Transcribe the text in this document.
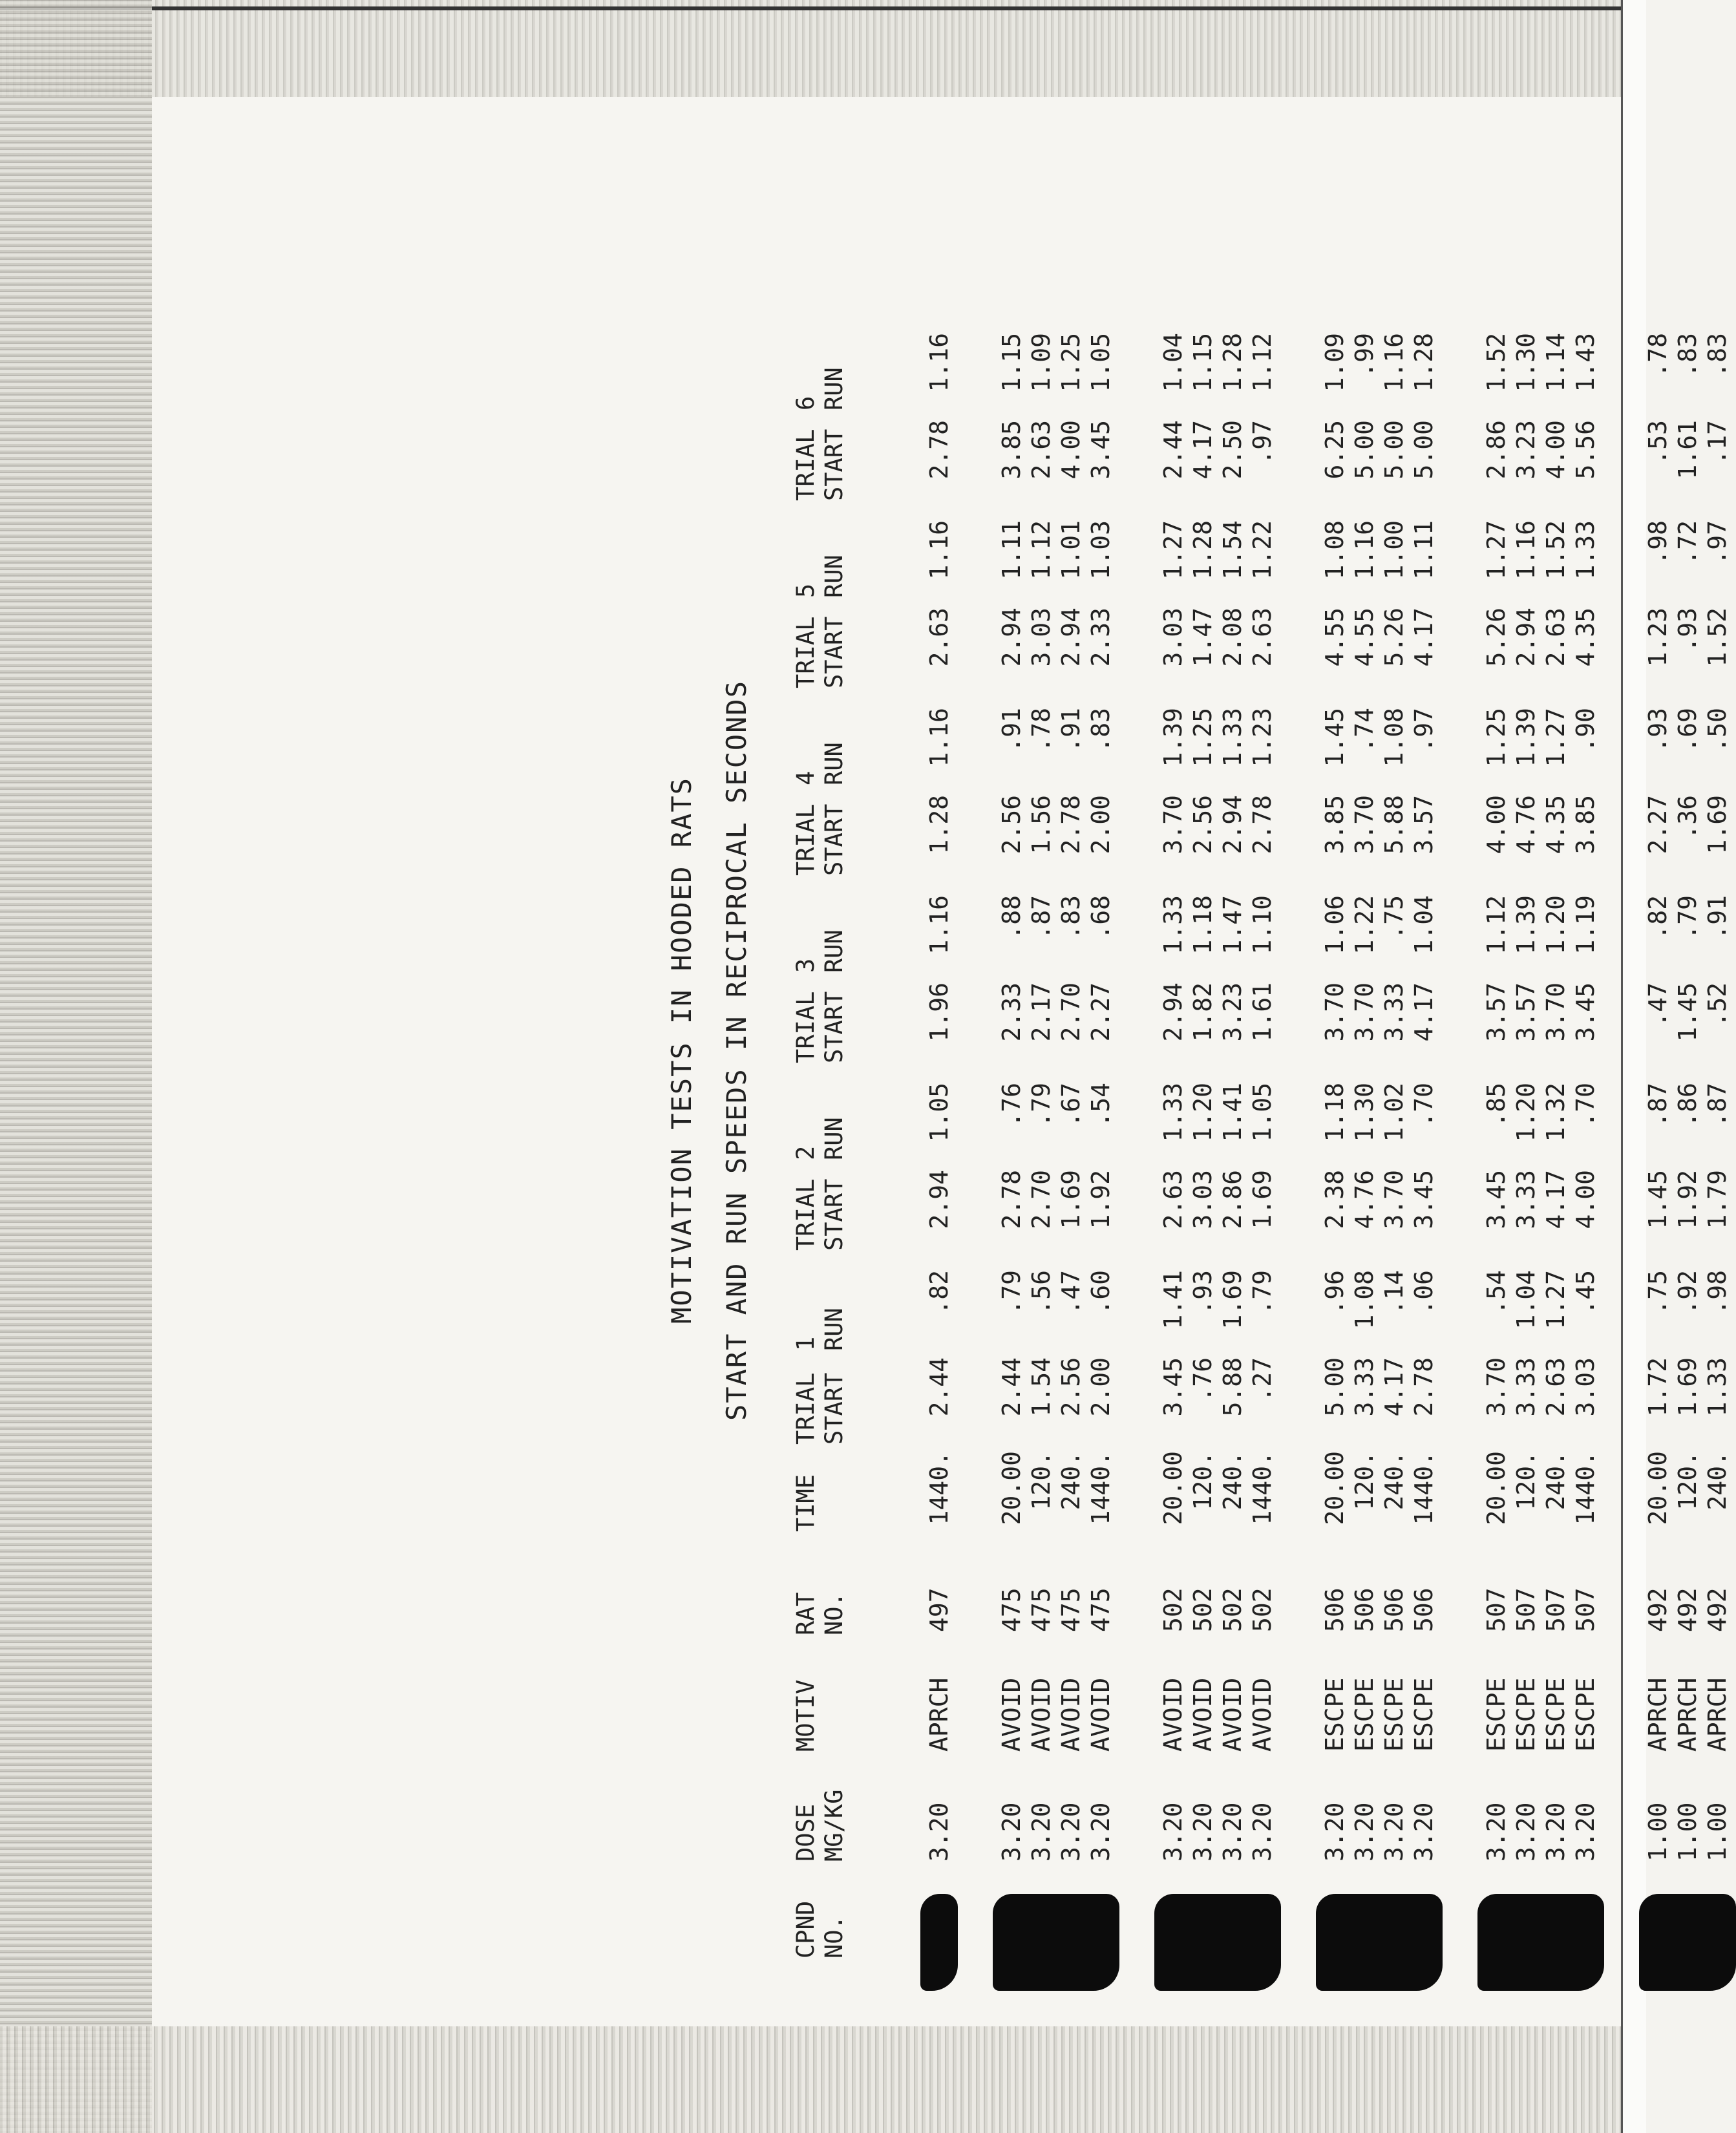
MOTIVATION TESTS IN HOODED RATS START AND RUN SPEEDS IN RECIPROCAL SECONDS
CPND NO.
DOSE MG/KG
MOTIV
RAT NO.
TIME
TRIAL START
1 RUN
TRIAL START
2 RUN
TRIAL START
3 RUN
TRIAL START
4 RUN
TRIAL START
5 RUN
TRIAL START
6 RUN
3.20
APRCH
497
1440.
2.44
.82
2.94
1.05
1.96
1.16
1.28
1.16
2.63
1.16
2.78
1.16
3.20
AVOID
475
20.00
2.44
.79
2.78
.76
2.33
.88
2.56
.91
2.94
1.11
3.85
1.15
3.20
AVOID
475
120.
1.54
.56
2.70
.79
2.17
.87
1.56
.78
3.03
1.12
2.63
1.09
3.20
AVOID
475
240.
2.56
.47
1.69
.67
2.70
.83
2.78
.91
2.94
1.01
4.00
1.25
3.20
AVOID
475
1440.
2.00
.60
1.92
.54
2.27
.68
2.00
.83
2.33
1.03
3.45
1.05
3.20
AVOID
502
20.00
3.45
1.41
2.63
1.33
2.94
1.33
3.70
1.39
3.03
1.27
2.44
1.04
3.20
AVOID
502
120.
.76
.93
3.03
1.20
1.82
1.18
2.56
1.25
1.47
1.28
4.17
1.15
3.20
AVOID
502
240.
5.88
1.69
2.86
1.41
3.23
1.47
2.94
1.33
2.08
1.54
2.50
1.28
3.20
AVOID
502
1440.
.27
.79
1.69
1.05
1.61
1.10
2.78
1.23
2.63
1.22
.97
1.12
3.20
ESCPE
506
20.00
5.00
.96
2.38
1.18
3.70
1.06
3.85
1.45
4.55
1.08
6.25
1.09
3.20
ESCPE
506
120.
3.33
1.08
4.76
1.30
3.70
1.22
3.70
.74
4.55
1.16
5.00
.99
3.20
ESCPE
506
240.
4.17
.14
3.70
1.02
3.33
.75
5.88
1.08
5.26
1.00
5.00
1.16
3.20
ESCPE
506
1440.
2.78
.06
3.45
.70
4.17
1.04
3.57
.97
4.17
1.11
5.00
1.28
3.20
ESCPE
507
20.00
3.70
.54
3.45
.85
3.57
1.12
4.00
1.25
5.26
1.27
2.86
1.52
3.20
ESCPE
507
120.
3.33
1.04
3.33
1.20
3.57
1.39
4.76
1.39
2.94
1.16
3.23
1.30
3.20
ESCPE
507
240.
2.63
1.27
4.17
1.32
3.70
1.20
4.35
1.27
2.63
1.52
4.00
1.14
3.20
ESCPE
507
1440.
3.03
.45
4.00
.70
3.45
1.19
3.85
.90
4.35
1.33
5.56
1.43
1.00
APRCH
492
20.00
1.72
.75
1.45
.87
.47
.82
2.27
.93
1.23
.98
.53
.78
1.00
APRCH
492
120.
1.69
.92
1.92
.86
1.45
.79
.36
.69
.93
.72
1.61
.83
1.00
APRCH
492
240.
1.33
.98
1.79
.87
.52
.91
1.69
.50
1.52
.97
.17
.83
